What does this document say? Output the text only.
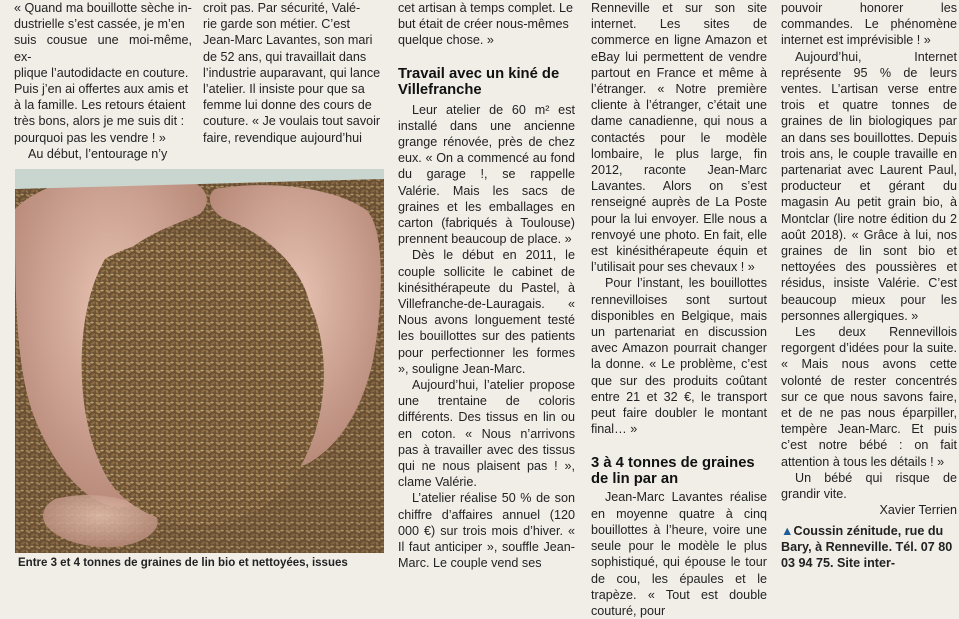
« Quand ma bouillotte sèche in-

dustrielle s’est cassée, je m’en

suis cousue une moi-même, ex-

plique l’autodidacte en couture.

Puis j’en ai offertes aux amis et

à la famille. Les retours étaient

très bons, alors je me suis dit :

pourquoi pas les vendre ! »

Au début, l’entourage n’y

croit pas. Par sécurité, Valé-

rie garde son métier. C’est

Jean-Marc Lavantes, son mari

de 52 ans, qui travaillait dans

l’industrie auparavant, qui lance

l’atelier. Il insiste pour que sa

femme lui donne des cours de

couture. « Je voulais tout savoir

faire, revendique aujourd’hui

Entre 3 et 4 tonnes de graines de lin bio et nettoyées, issues

cet artisan à temps complet. Le

but était de créer nous-mêmes

quelque chose. »

Travail avec un kiné de Villefranche

Leur atelier de 60 m² est installé dans une ancienne grange rénovée, près de chez eux. « On a commencé au fond du garage !, se rappelle Valérie. Mais les sacs de graines et les emballages en carton (fabriqués à Toulouse) prennent beaucoup de place. »

Dès le début en 2011, le couple sollicite le cabinet de kinésithérapeute du Pastel, à Villefranche-de-Lauragais. « Nous avons longuement testé les bouillottes sur des patients pour perfectionner les formes », souligne Jean-Marc.

Aujourd’hui, l’atelier propose une trentaine de coloris différents. Des tissus en lin ou en coton. « Nous n’arrivons pas à travailler avec des tissus qui ne nous plaisent pas ! », clame Valérie.

L’atelier réalise 50 % de son chiffre d’affaires annuel (120 000 €) sur trois mois d’hiver. « Il faut anticiper », souffle Jean-Marc. Le couple vend ses

Renneville et sur son site internet. Les sites de commerce en ligne Amazon et eBay lui permettent de vendre partout en France et même à l’étranger. « Notre première cliente à l’étranger, c’était une dame canadienne, qui nous a contactés pour le modèle lombaire, le plus large, fin 2012, raconte Jean-Marc Lavantes. Alors on s’est renseigné auprès de La Poste pour la lui envoyer. Elle nous a renvoyé une photo. En fait, elle est kinésithérapeute équin et l’utilisait pour ses chevaux ! »

Pour l’instant, les bouillottes rennevilloises sont surtout disponibles en Belgique, mais un partenariat en discussion avec Amazon pourrait changer la donne. « Le problème, c’est que sur des produits coûtant entre 21 et 32 €, le transport peut faire doubler le montant final… »

3 à 4 tonnes de graines de lin par an

Jean-Marc Lavantes réalise en moyenne quatre à cinq bouillottes à l’heure, voire une seule pour le modèle le plus sophistiqué, qui épouse le tour de cou, les épaules et le trapèze. « Tout est double couturé, pour

pouvoir honorer les commandes. Le phénomène internet est imprévisible ! »

Aujourd’hui, Internet représente 95 % de leurs ventes. L’artisan verse entre trois et quatre tonnes de graines de lin biologiques par an dans ses bouillottes. Depuis trois ans, le couple travaille en partenariat avec Laurent Paul, producteur et gérant du magasin Au petit grain bio, à Montclar (lire notre édition du 2 août 2018). « Grâce à lui, nos graines de lin sont bio et nettoyées des poussières et résidus, insiste Valérie. C’est beaucoup mieux pour les personnes allergiques. »

Les deux Rennevillois regorgent d’idées pour la suite. « Mais nous avons cette volonté de rester concentrés sur ce que nous savons faire, et de ne pas nous éparpiller, tempère Jean-Marc. Et puis c’est notre bébé : on fait attention à tous les détails ! »

Un bébé qui risque de grandir vite.

Xavier Terrien

▲Coussin zénitude, rue du Bary, à Renneville. Tél. 07 80 03 94 75. Site inter-
